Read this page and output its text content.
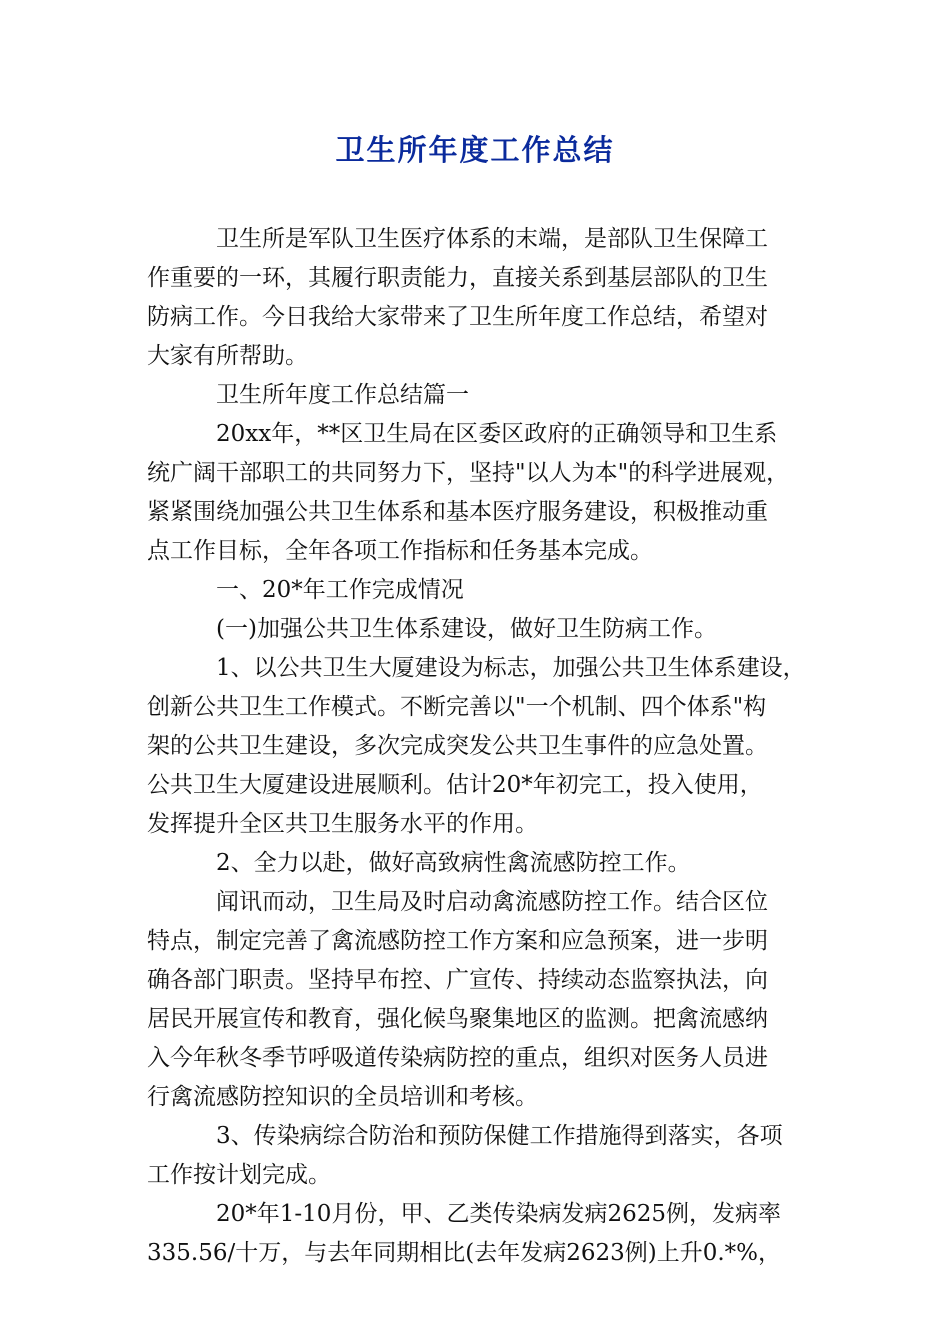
卫生所年度工作总结
卫生所是军队卫生医疗体系的末端，是部队卫生保障工
作重要的一环，其履行职责能力，直接关系到基层部队的卫生
防病工作。今日我给大家带来了卫生所年度工作总结，希望对
大家有所帮助。
卫生所年度工作总结篇一
20xx年，**区卫生局在区委区政府的正确领导和卫生系
统广阔干部职工的共同努力下，坚持"以人为本"的科学进展观，
紧紧围绕加强公共卫生体系和基本医疗服务建设，积极推动重
点工作目标，全年各项工作指标和任务基本完成。
一、20*年工作完成情况
(一)加强公共卫生体系建设，做好卫生防病工作。
1、以公共卫生大厦建设为标志，加强公共卫生体系建设，
创新公共卫生工作模式。不断完善以"一个机制、四个体系"构
架的公共卫生建设，多次完成突发公共卫生事件的应急处置。
公共卫生大厦建设进展顺利。估计20*年初完工，投入使用，
发挥提升全区共卫生服务水平的作用。
2、全力以赴，做好高致病性禽流感防控工作。
闻讯而动，卫生局及时启动禽流感防控工作。结合区位
特点，制定完善了禽流感防控工作方案和应急预案，进一步明
确各部门职责。坚持早布控、广宣传、持续动态监察执法，向
居民开展宣传和教育，强化候鸟聚集地区的监测。把禽流感纳
入今年秋冬季节呼吸道传染病防控的重点，组织对医务人员进
行禽流感防控知识的全员培训和考核。
3、传染病综合防治和预防保健工作措施得到落实，各项
工作按计划完成。
20*年1-10月份，甲、乙类传染病发病2625例，发病率
335.56/十万，与去年同期相比(去年发病2623例)上升0.*%，
